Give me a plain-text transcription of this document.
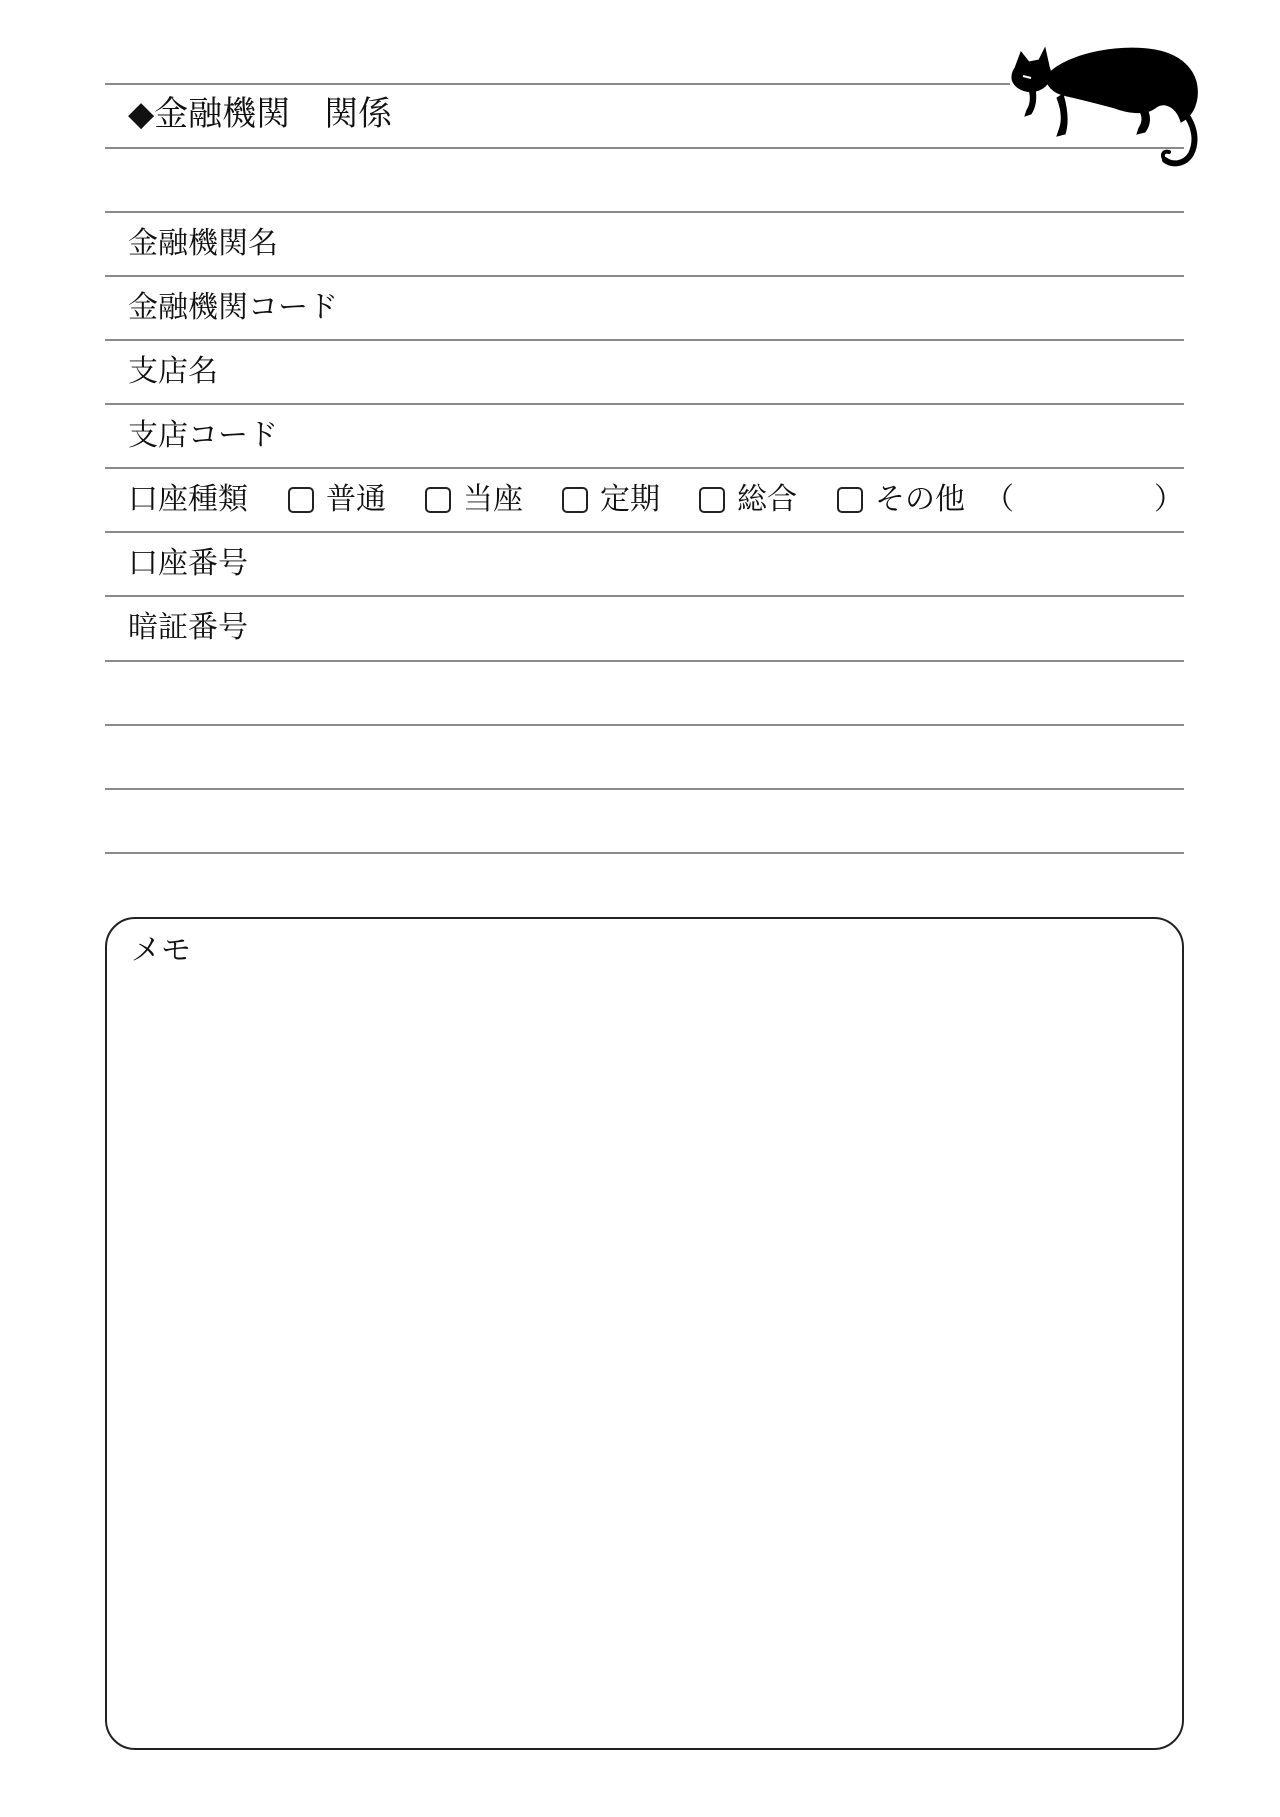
◆金融機関　関係
金融機関名
金融機関コード
支店名
支店コード
口座種類	普通	当座	定期	総合	その他 （	）
口座番号
暗証番号
メモ
